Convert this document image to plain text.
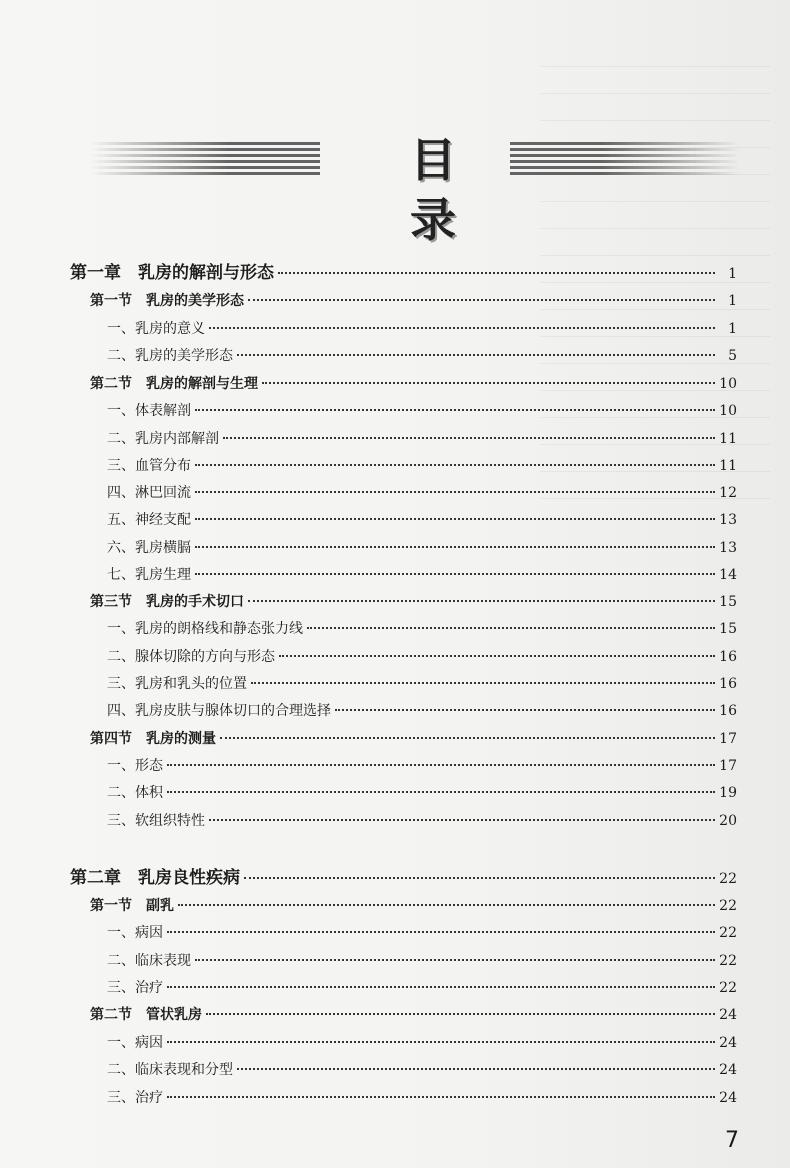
目 录
第一章　乳房的解剖与形态	1
第一节　乳房的美学形态	1
一、乳房的意义	1
二、乳房的美学形态	5
第二节　乳房的解剖与生理	10
一、体表解剖	10
二、乳房内部解剖	11
三、血管分布	11
四、淋巴回流	12
五、神经支配	13
六、乳房横膈	13
七、乳房生理	14
第三节　乳房的手术切口	15
一、乳房的朗格线和静态张力线	15
二、腺体切除的方向与形态	16
三、乳房和乳头的位置	16
四、乳房皮肤与腺体切口的合理选择	16
第四节　乳房的测量	17
一、形态	17
二、体积	19
三、软组织特性	20
第二章　乳房良性疾病	22
第一节　副乳	22
一、病因	22
二、临床表现	22
三、治疗	22
第二节　管状乳房	24
一、病因	24
二、临床表现和分型	24
三、治疗	24
7
